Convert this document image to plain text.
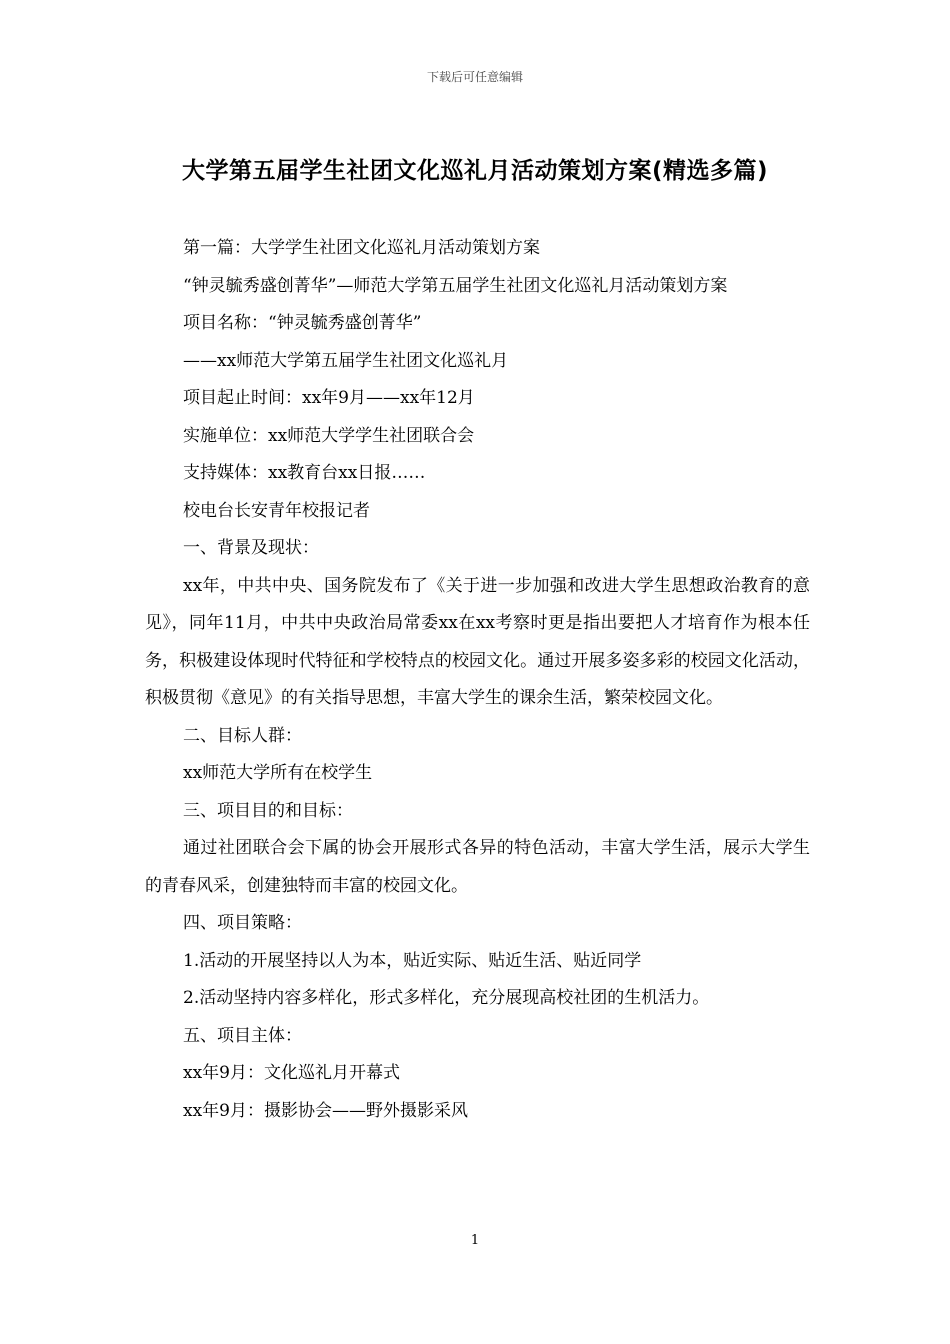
下载后可任意编辑
大学第五届学生社团文化巡礼月活动策划方案(精选多篇)

第一篇：大学学生社团文化巡礼月活动策划方案

“钟灵毓秀盛创菁华”—师范大学第五届学生社团文化巡礼月活动策划方案

项目名称：“钟灵毓秀盛创菁华”

——xx师范大学第五届学生社团文化巡礼月

项目起止时间：xx年9月——xx年12月

实施单位：xx师范大学学生社团联合会

支持媒体：xx教育台xx日报……

校电台长安青年校报记者

一、背景及现状：

xx年，中共中央、国务院发布了《关于进一步加强和改进大学生思想政治教育的意见》，同年11月，中共中央政治局常委xx在xx考察时更是指出要把人才培育作为根本任务，积极建设体现时代特征和学校特点的校园文化。通过开展多姿多彩的校园文化活动，积极贯彻《意见》的有关指导思想，丰富大学生的课余生活，繁荣校园文化。

二、目标人群：

xx师范大学所有在校学生

三、项目目的和目标：

通过社团联合会下属的协会开展形式各异的特色活动，丰富大学生活，展示大学生的青春风采，创建独特而丰富的校园文化。

四、项目策略：

1.活动的开展坚持以人为本，贴近实际、贴近生活、贴近同学

2.活动坚持内容多样化，形式多样化，充分展现高校社团的生机活力。

五、项目主体：

xx年9月：文化巡礼月开幕式

xx年9月：摄影协会——野外摄影采风

1
